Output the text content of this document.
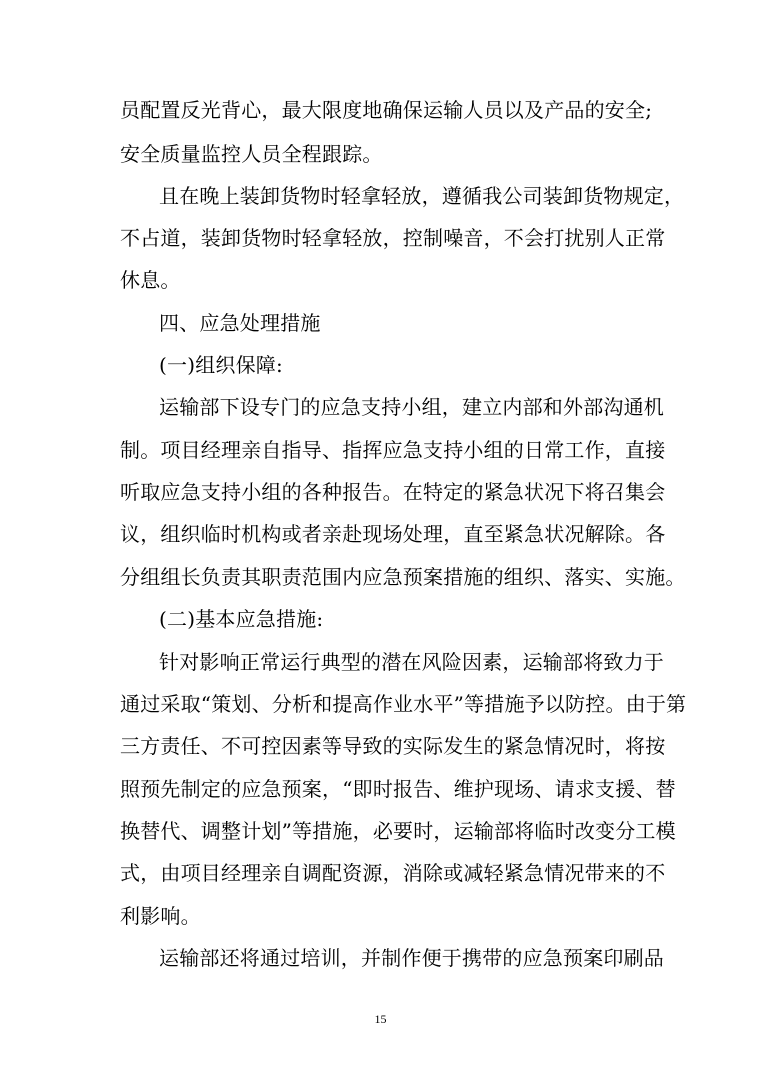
员配置反光背心，最大限度地确保运输人员以及产品的安全;
安全质量监控人员全程跟踪。
且在晚上装卸货物时轻拿轻放，遵循我公司装卸货物规定，
不占道，装卸货物时轻拿轻放，控制噪音，不会打扰别人正常
休息。
四、应急处理措施
(一)组织保障:
运输部下设专门的应急支持小组，建立内部和外部沟通机
制。项目经理亲自指导、指挥应急支持小组的日常工作，直接
听取应急支持小组的各种报告。在特定的紧急状况下将召集会
议，组织临时机构或者亲赴现场处理，直至紧急状况解除。各
分组组长负责其职责范围内应急预案措施的组织、落实、实施。
(二)基本应急措施:
针对影响正常运行典型的潜在风险因素，运输部将致力于
通过采取“策划、分析和提高作业水平”等措施予以防控。由于第
三方责任、不可控因素等导致的实际发生的紧急情况时，将按
照预先制定的应急预案，“即时报告、维护现场、请求支援、替
换替代、调整计划”等措施，必要时，运输部将临时改变分工模
式，由项目经理亲自调配资源，消除或减轻紧急情况带来的不
利影响。
运输部还将通过培训，并制作便于携带的应急预案印刷品
15
